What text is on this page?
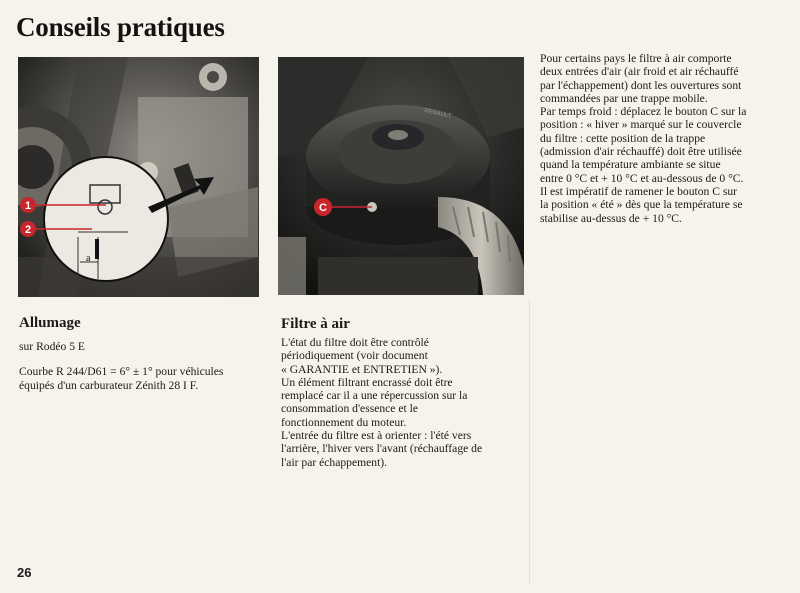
Conseils pratiques
1
2
a
RENAULT
C
Allumage

sur Rodéo 5 E

Courbe R 244/D61 = 6° ± 1° pour véhicules

équipés d'un carburateur Zénith 28 I F.

Filtre à air

L'état du filtre doit être contrôlé

périodiquement (voir document

« GARANTIE et ENTRETIEN »).

Un élément filtrant encrassé doit être

remplacé car il a une répercussion sur la

consommation d'essence et le

fonctionnement du moteur.

L'entrée du filtre est à orienter : l'été vers

l'arrière, l'hiver vers l'avant (réchauffage de

l'air par échappement).

Pour certains pays le filtre à air comporte

deux entrées d'air (air froid et air réchauffé

par l'échappement) dont les ouvertures sont

commandées par une trappe mobile.

Par temps froid : déplacez le bouton C sur la

position : « hiver » marqué sur le couvercle

du filtre : cette position de la trappe

(admission d'air réchauffé) doit être utilisée

quand la température ambiante se situe

entre 0 °C et + 10 °C et au-dessous de 0 °C.

Il est impératif de ramener le bouton C sur

la position « été » dès que la température se

stabilise au-dessus de + 10 °C.

26
